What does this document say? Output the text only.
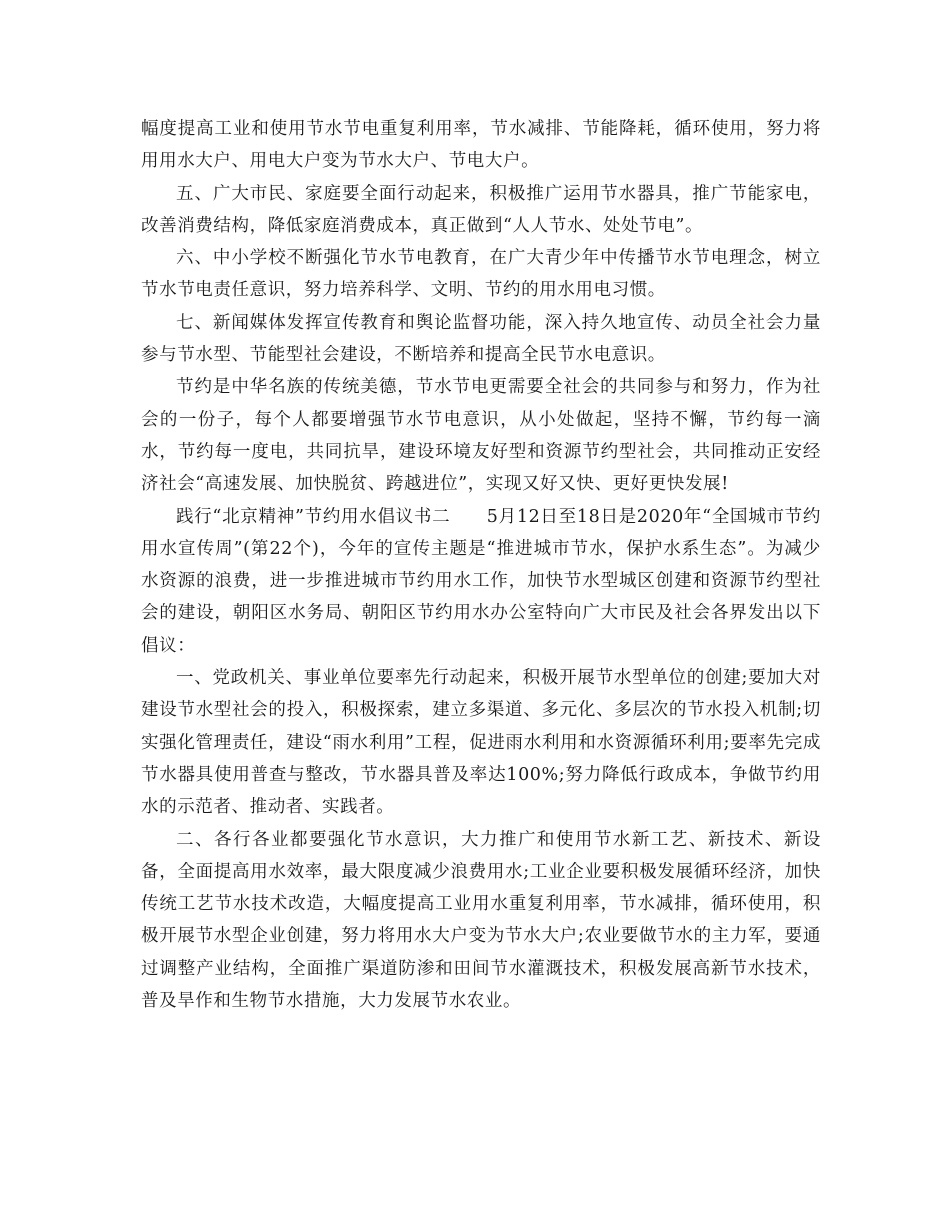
幅度提高工业和使用节水节电重复利用率，节水减排、节能降耗，循环使用，努力将用用水大户、用电大户变为节水大户、节电大户。

五、广大市民、家庭要全面行动起来，积极推广运用节水器具，推广节能家电，改善消费结构，降低家庭消费成本，真正做到“人人节水、处处节电”。

六、中小学校不断强化节水节电教育，在广大青少年中传播节水节电理念，树立节水节电责任意识，努力培养科学、文明、节约的用水用电习惯。

七、新闻媒体发挥宣传教育和舆论监督功能，深入持久地宣传、动员全社会力量参与节水型、节能型社会建设，不断培养和提高全民节水电意识。

节约是中华名族的传统美德，节水节电更需要全社会的共同参与和努力，作为社会的一份子，每个人都要增强节水节电意识，从小处做起，坚持不懈，节约每一滴水，节约每一度电，共同抗旱，建设环境友好型和资源节约型社会，共同推动正安经济社会“高速发展、加快脱贫、跨越进位”，实现又好又快、更好更快发展!

践行“北京精神”节约用水倡议书二　　5月12日至18日是2020年“全国城市节约用水宣传周”(第22个)，今年的宣传主题是“推进城市节水，保护水系生态”。为减少水资源的浪费，进一步推进城市节约用水工作，加快节水型城区创建和资源节约型社会的建设，朝阳区水务局、朝阳区节约用水办公室特向广大市民及社会各界发出以下倡议：

一、党政机关、事业单位要率先行动起来，积极开展节水型单位的创建;要加大对建设节水型社会的投入，积极探索，建立多渠道、多元化、多层次的节水投入机制;切实强化管理责任，建设“雨水利用”工程，促进雨水利用和水资源循环利用;要率先完成节水器具使用普查与整改，节水器具普及率达100%;努力降低行政成本，争做节约用水的示范者、推动者、实践者。

二、各行各业都要强化节水意识，大力推广和使用节水新工艺、新技术、新设备，全面提高用水效率，最大限度减少浪费用水;工业企业要积极发展循环经济，加快传统工艺节水技术改造，大幅度提高工业用水重复利用率，节水减排，循环使用，积极开展节水型企业创建，努力将用水大户变为节水大户;农业要做节水的主力军，要通过调整产业结构，全面推广渠道防渗和田间节水灌溉技术，积极发展高新节水技术，普及旱作和生物节水措施，大力发展节水农业。
